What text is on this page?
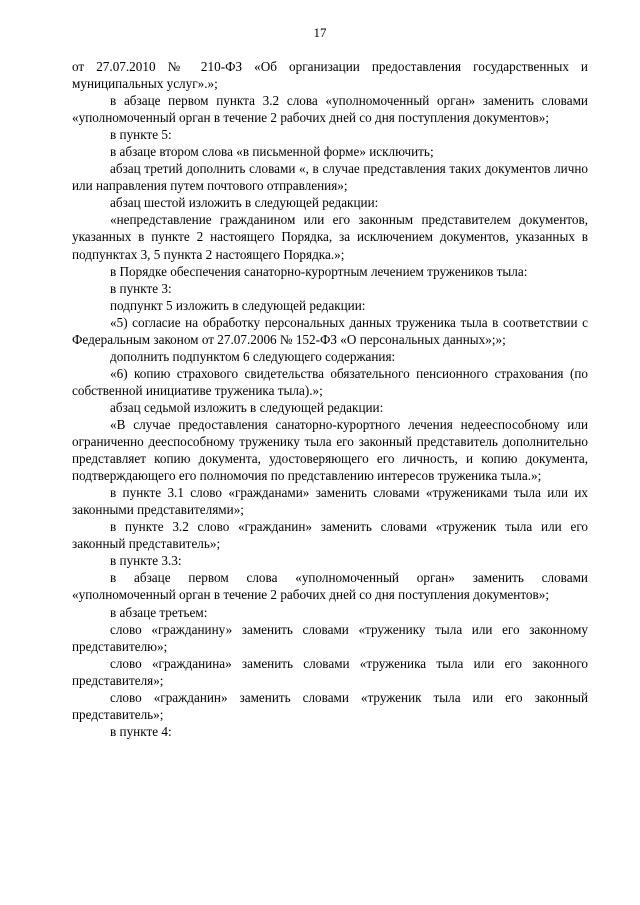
17

от 27.07.2010 № 210-ФЗ «Об организации предоставления государственных и муниципальных услуг».»;

в абзаце первом пункта 3.2 слова «уполномоченный орган» заменить словами «уполномоченный орган в течение 2 рабочих дней со дня поступления документов»;

в пункте 5:

в абзаце втором слова «в письменной форме» исключить;

абзац третий дополнить словами «, в случае представления таких документов лично или направления путем почтового отправления»;

абзац шестой изложить в следующей редакции:

«непредставление гражданином или его законным представителем документов, указанных в пункте 2 настоящего Порядка, за исключением документов, указанных в подпунктах 3, 5 пункта 2 настоящего Порядка.»;

в Порядке обеспечения санаторно-курортным лечением тружеников тыла:

в пункте 3:

подпункт 5 изложить в следующей редакции:

«5) согласие на обработку персональных данных труженика тыла в соответствии с Федеральным законом от 27.07.2006 № 152-ФЗ «О персональных данных»;»;

дополнить подпунктом 6 следующего содержания:

«6) копию страхового свидетельства обязательного пенсионного страхования (по собственной инициативе труженика тыла).»;

абзац седьмой изложить в следующей редакции:

«В случае предоставления санаторно-курортного лечения недееспособному или ограниченно дееспособному труженику тыла его законный представитель дополнительно представляет копию документа, удостоверяющего его личность, и копию документа, подтверждающего его полномочия по представлению интересов труженика тыла.»;

в пункте 3.1 слово «гражданами» заменить словами «тружениками тыла или их законными представителями»;

в пункте 3.2 слово «гражданин» заменить словами «труженик тыла или его законный представитель»;

в пункте 3.3:

в абзаце первом слова «уполномоченный орган» заменить словами «уполномоченный орган в течение 2 рабочих дней со дня поступления документов»;

в абзаце третьем:

слово «гражданину» заменить словами «труженику тыла или его законному представителю»;

слово «гражданина» заменить словами «труженика тыла или его законного представителя»;

слово «гражданин» заменить словами «труженик тыла или его законный представитель»;

в пункте 4:
